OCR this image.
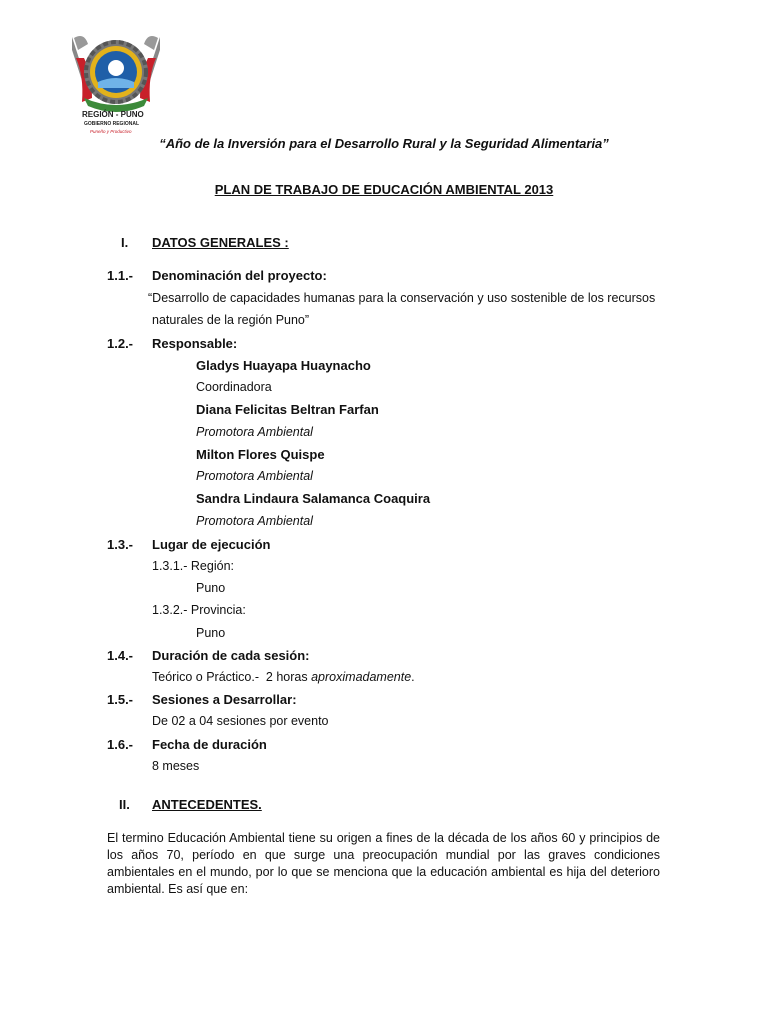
REGIÓN - PUNO
GOBIERNO REGIONAL
Puneño y Productivo
“Año de la Inversión para el Desarrollo Rural y la Seguridad Alimentaria”
PLAN DE TRABAJO DE EDUCACIÓN AMBIENTAL 2013
I. DATOS GENERALES :
1.1.- Denominación del proyecto:
“Desarrollo de capacidades humanas para la conservación y uso sostenible de los recursos
naturales de la región Puno”
1.2.- Responsable:
Gladys Huayapa Huaynacho
Coordinadora
Diana Felicitas Beltran Farfan
Promotora Ambiental
Milton Flores Quispe
Promotora Ambiental
Sandra Lindaura Salamanca Coaquira
Promotora Ambiental
1.3.- Lugar de ejecución
1.3.1.- Región:
Puno
1.3.2.- Provincia:
Puno
1.4.- Duración de cada sesión:
Teórico o Práctico.-  2 horas aproximadamente.
1.5.- Sesiones a Desarrollar:
De 02 a 04 sesiones por evento
1.6.- Fecha de duración
8 meses
II. ANTECEDENTES.
El termino Educación Ambiental tiene su origen a fines de la década de los años 60 y principios de los años 70, período en que surge una preocupación mundial por las graves condiciones ambientales en el mundo, por lo que se menciona que la educación ambiental es hija del deterioro ambiental. Es así que en:
